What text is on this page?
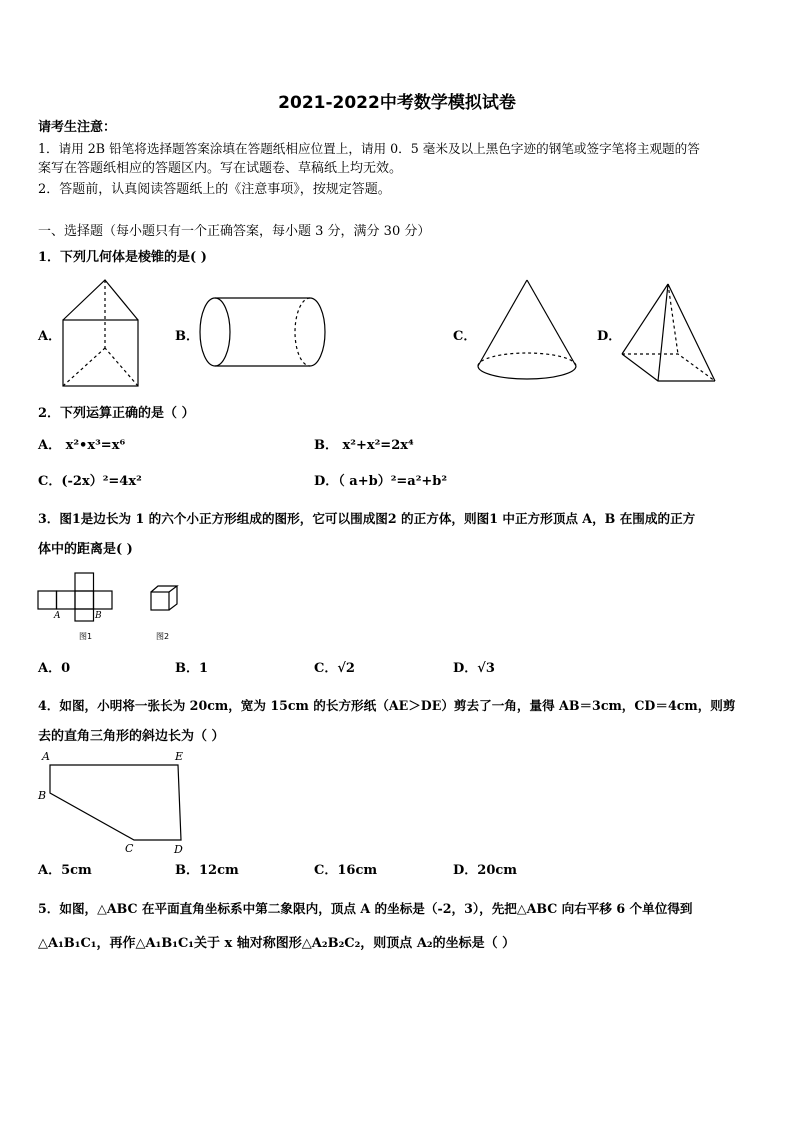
2021-2022中考数学模拟试卷
请考生注意：
1．请用 2B 铅笔将选择题答案涂填在答题纸相应位置上，请用 0．5 毫米及以上黑色字迹的钢笔或签字笔将主观题的答
案写在答题纸相应的答题区内。写在试题卷、草稿纸上均无效。
2．答题前，认真阅读答题纸上的《注意事项》，按规定答题。
一、选择题（每小题只有一个正确答案，每小题 3 分，满分 30 分）
1．下列几何体是棱锥的是( )
A．	B．	C．	D．
2．下列运算正确的是（ ）
A． x²•x³=x⁶	B． x²+x²=2x⁴
C．(-2x）²=4x²	D．（ a+b）²=a²+b²
3．图1是边长为 1 的六个小正方形组成的图形，它可以围成图2 的正方体，则图1 中正方形顶点 A，B 在围成的正方
体中的距离是( )
A	B
图1	图2
A．0	B．1	C．√2	D．√3
4．如图，小明将一张长为 20cm，宽为 15cm 的长方形纸（AE＞DE）剪去了一角，量得 AB＝3cm，CD＝4cm，则剪
去的直角三角形的斜边长为（ ）
A	E
B
C	D
A．5cm	B．12cm	C．16cm	D．20cm
5．如图，△ABC 在平面直角坐标系中第二象限内，顶点 A 的坐标是（-2，3），先把△ABC 向右平移 6 个单位得到
△A₁B₁C₁，再作△A₁B₁C₁关于 x 轴对称图形△A₂B₂C₂，则顶点 A₂的坐标是（ ）
